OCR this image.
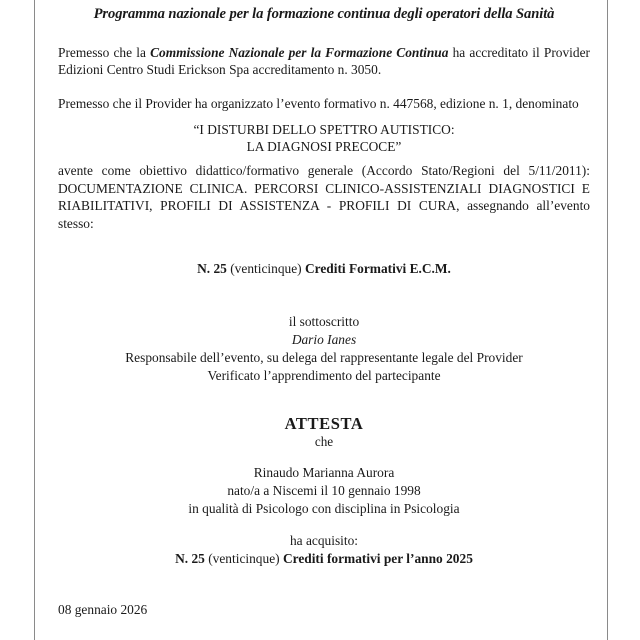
Programma nazionale per la formazione continua degli operatori della Sanità

Premesso che la Commissione Nazionale per la Formazione Continua ha accreditato il Provider Edizioni Centro Studi Erickson Spa accreditamento n. 3050.

Premesso che il Provider ha organizzato l’evento formativo n. 447568, edizione n. 1, denominato

“I DISTURBI DELLO SPETTRO AUTISTICO:

LA DIAGNOSI PRECOCE”

avente come obiettivo didattico/formativo generale (Accordo Stato/Regioni del 5/11/2011): DOCUMENTAZIONE CLINICA. PERCORSI CLINICO-ASSISTENZIALI DIAGNOSTICI E RIABILITATIVI, PROFILI DI ASSISTENZA - PROFILI DI CURA, assegnando all’evento stesso:

N. 25 (venticinque) Crediti Formativi E.C.M.

il sottoscritto

Dario Ianes

Responsabile dell’evento, su delega del rappresentante legale del Provider

Verificato l’apprendimento del partecipante

ATTESTA

che

Rinaudo Marianna Aurora

nato/a a Niscemi il 10 gennaio 1998

in qualità di Psicologo con disciplina in Psicologia

ha acquisito:

N. 25 (venticinque) Crediti formativi per l’anno 2025

08 gennaio 2026
